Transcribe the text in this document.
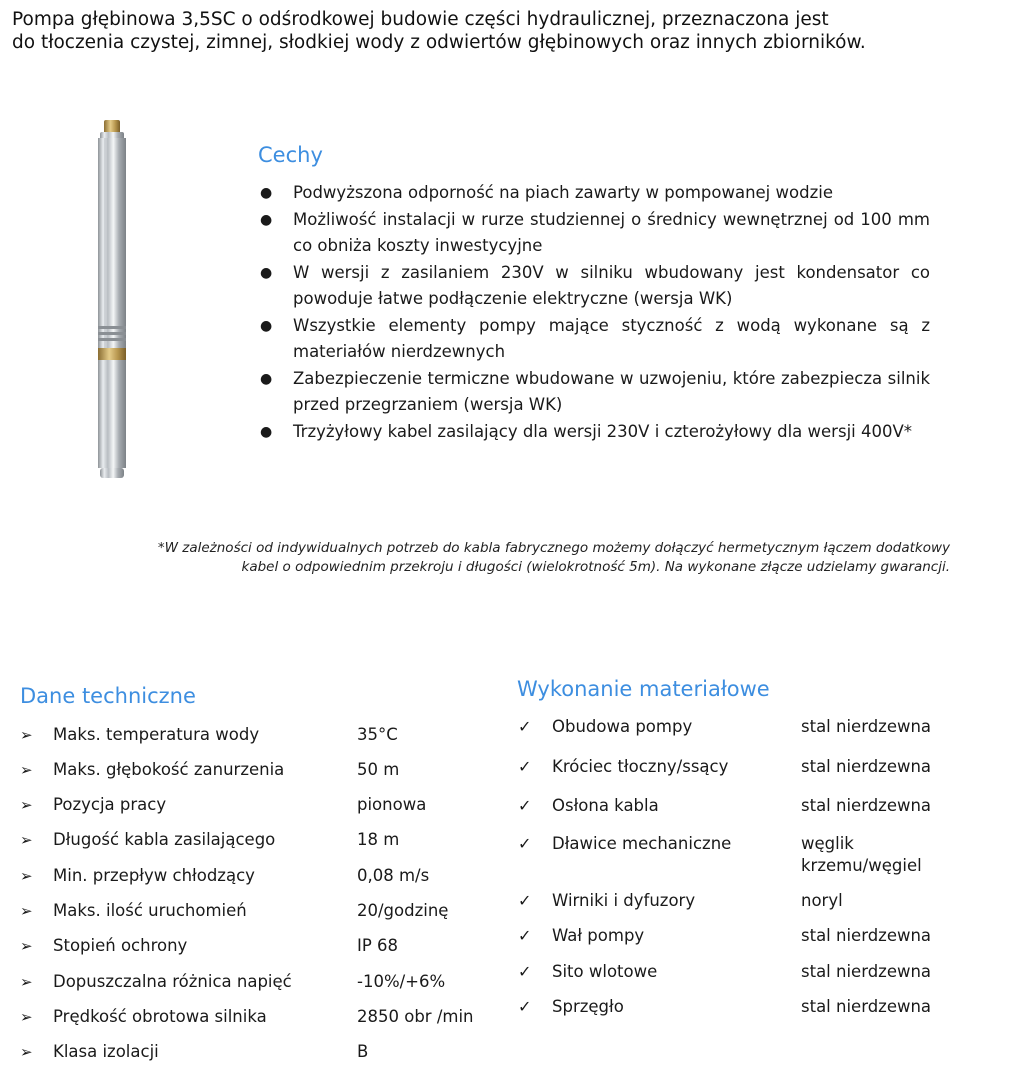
Pompa głębinowa 3,5SC o odśrodkowej budowie części hydraulicznej, przeznaczona jest
do tłoczenia czystej, zimnej, słodkiej wody z odwiertów głębinowych oraz innych zbiorników.
Cechy
● Podwyższona odporność na piach zawarty w pompowanej wodzie
● Możliwość instalacji w rurze studziennej o średnicy wewnętrznej od 100 mm co obniża koszty inwestycyjne
● W wersji z zasilaniem 230V w silniku wbudowany jest kondensator co powoduje łatwe podłączenie elektryczne (wersja WK)
● Wszystkie elementy pompy mające styczność z wodą wykonane są z materiałów nierdzewnych
● Zabezpieczenie termiczne wbudowane w uzwojeniu, które zabezpiecza silnik przed przegrzaniem (wersja WK)
● Trzyżyłowy kabel zasilający dla wersji 230V i czterożyłowy dla wersji 400V*
*W zależności od indywidualnych potrzeb do kabla fabrycznego możemy dołączyć hermetycznym łączem dodatkowy
kabel o odpowiednim przekroju i długości (wielokrotność 5m). Na wykonane złącze udzielamy gwarancji.
Dane techniczne
➢ Maks. temperatura wody	35°C
➢ Maks. głębokość zanurzenia	50 m
➢ Pozycja pracy	pionowa
➢ Długość kabla zasilającego	18 m
➢ Min. przepływ chłodzący	0,08 m/s
➢ Maks. ilość uruchomień	20/godzinę
➢ Stopień ochrony	IP 68
➢ Dopuszczalna różnica napięć	-10%/+6%
➢ Prędkość obrotowa silnika	2850 obr /min
➢ Klasa izolacji	B
Wykonanie materiałowe
✓ Obudowa pompy	stal nierdzewna
✓ Króciec tłoczny/ssący	stal nierdzewna
✓ Osłona kabla	stal nierdzewna
✓ Dławice mechaniczne	węglik krzemu/węgiel
✓ Wirniki i dyfuzory	noryl
✓ Wał pompy	stal nierdzewna
✓ Sito wlotowe	stal nierdzewna
✓ Sprzęgło	stal nierdzewna
